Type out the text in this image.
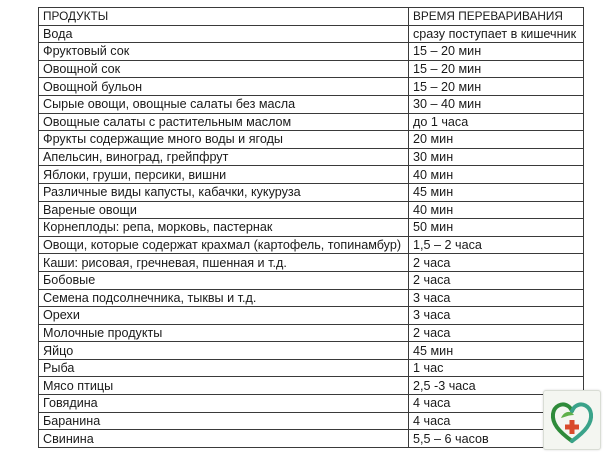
ПРОДУКТЫ	ВРЕМЯ ПЕРЕВАРИВАНИЯ
Вода	сразу поступает в кишечник
Фруктовый сок	15 – 20 мин
Овощной сок	15 – 20 мин
Овощной бульон	15 – 20 мин
Сырые овощи, овощные салаты без масла	30 – 40 мин
Овощные салаты с растительным маслом	до 1 часа
Фрукты содержащие много воды и ягоды	20 мин
Апельсин, виноград, грейпфрут	30 мин
Яблоки, груши, персики, вишни	40 мин
Различные виды капусты, кабачки, кукуруза	45 мин
Вареные овощи	40 мин
Корнеплоды: репа, морковь, пастернак	50 мин
Овощи, которые содержат крахмал (картофель, топинамбур)	1,5 – 2 часа
Каши: рисовая, гречневая, пшенная и т.д.	2 часа
Бобовые	2 часа
Семена подсолнечника, тыквы и т.д.	3 часа
Орехи	3 часа
Молочные продукты	2 часа
Яйцо	45 мин
Рыба	1 час
Мясо птицы	2,5 -3 часа
Говядина	4 часа
Баранина	4 часа
Свинина	5,5 – 6 часов
